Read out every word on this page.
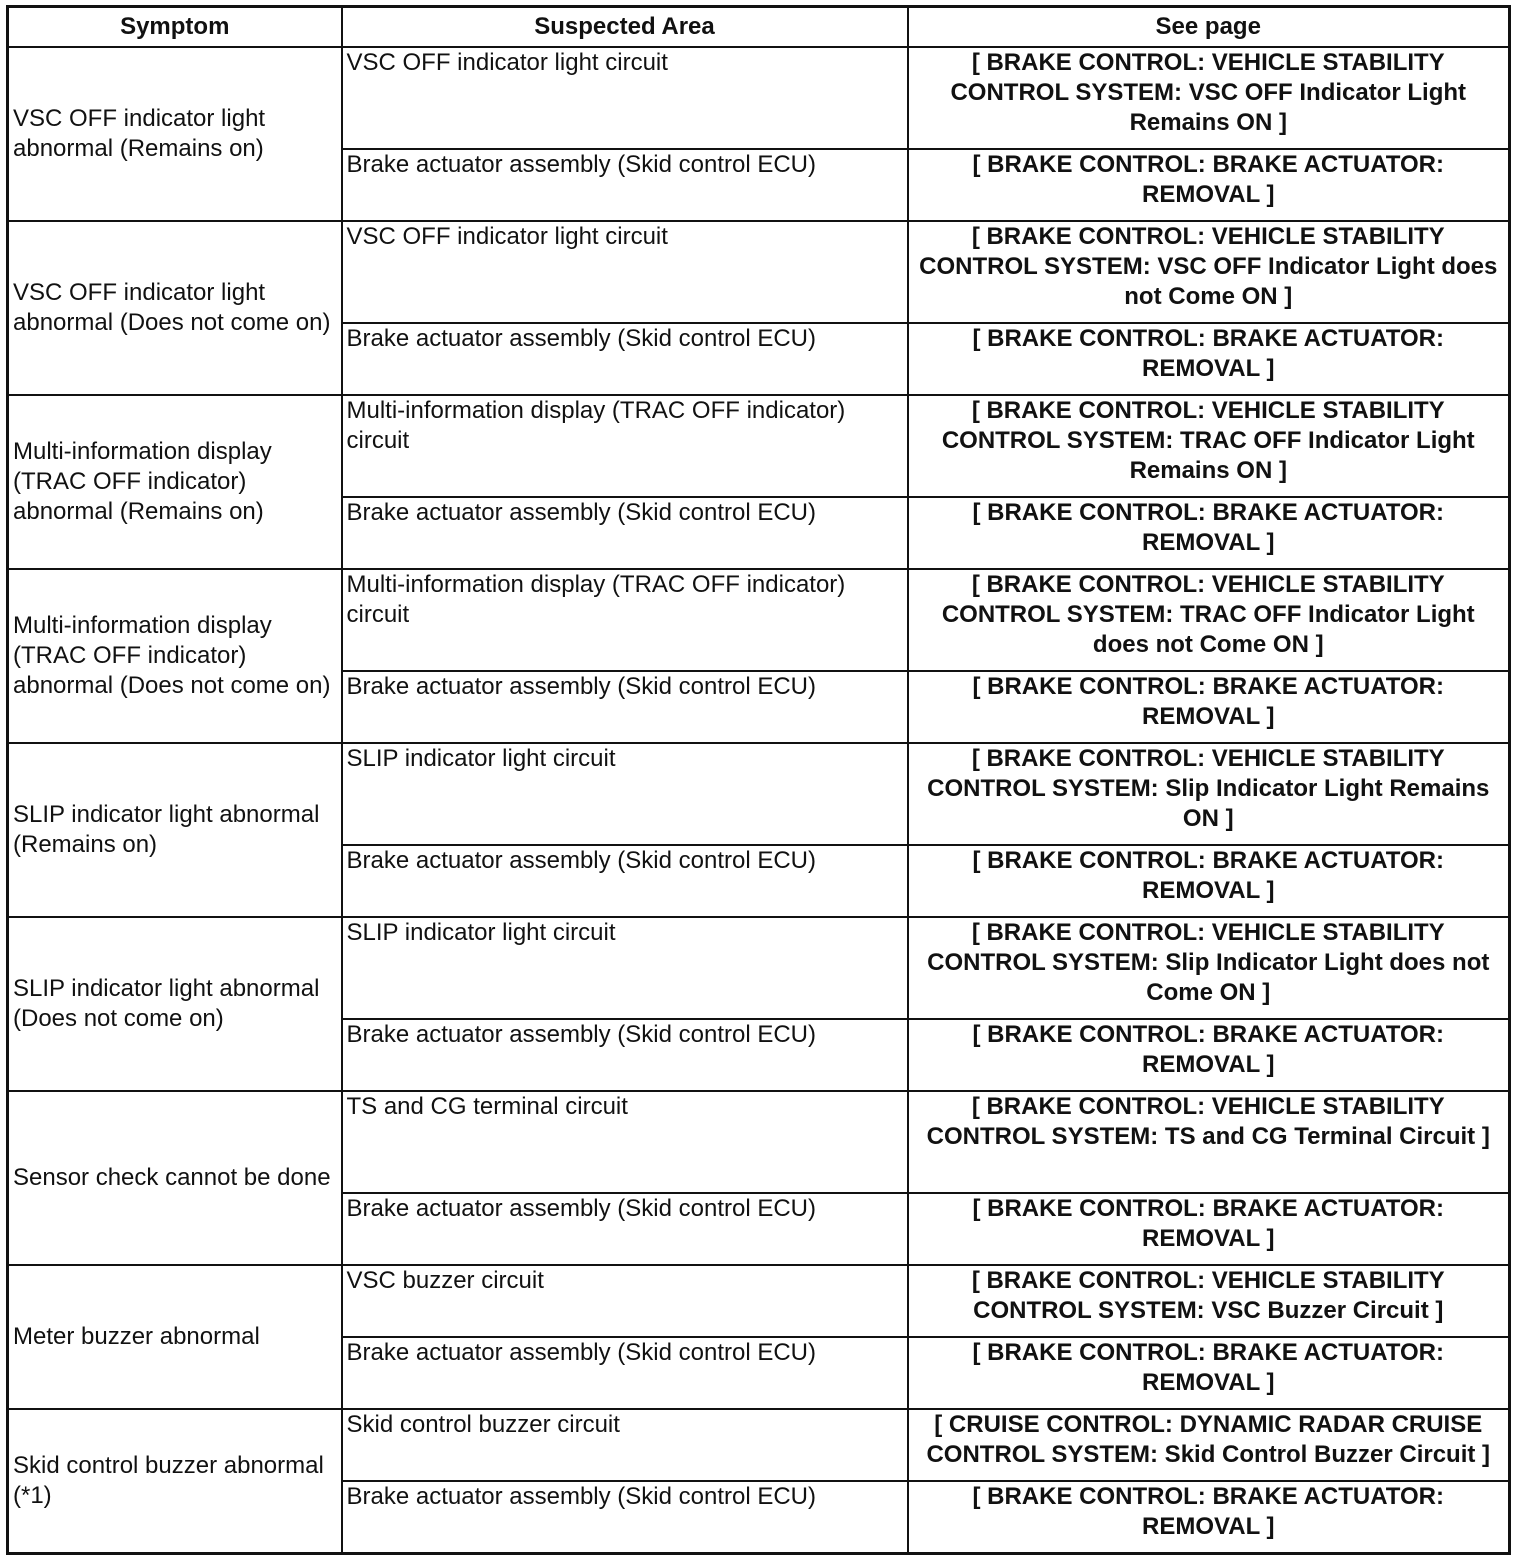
Symptom	Suspected Area	See page
VSC OFF indicator light abnormal (Remains on)	VSC OFF indicator light circuit	[ BRAKE CONTROL: VEHICLE STABILITY CONTROL SYSTEM: VSC OFF Indicator Light Remains ON ]
	Brake actuator assembly (Skid control ECU)	[ BRAKE CONTROL: BRAKE ACTUATOR: REMOVAL ]
VSC OFF indicator light abnormal (Does not come on)	VSC OFF indicator light circuit	[ BRAKE CONTROL: VEHICLE STABILITY CONTROL SYSTEM: VSC OFF Indicator Light does not Come ON ]
	Brake actuator assembly (Skid control ECU)	[ BRAKE CONTROL: BRAKE ACTUATOR: REMOVAL ]
Multi-information display (TRAC OFF indicator) abnormal (Remains on)	Multi-information display (TRAC OFF indicator) circuit	[ BRAKE CONTROL: VEHICLE STABILITY CONTROL SYSTEM: TRAC OFF Indicator Light Remains ON ]
	Brake actuator assembly (Skid control ECU)	[ BRAKE CONTROL: BRAKE ACTUATOR: REMOVAL ]
Multi-information display (TRAC OFF indicator) abnormal (Does not come on)	Multi-information display (TRAC OFF indicator) circuit	[ BRAKE CONTROL: VEHICLE STABILITY CONTROL SYSTEM: TRAC OFF Indicator Light does not Come ON ]
	Brake actuator assembly (Skid control ECU)	[ BRAKE CONTROL: BRAKE ACTUATOR: REMOVAL ]
SLIP indicator light abnormal (Remains on)	SLIP indicator light circuit	[ BRAKE CONTROL: VEHICLE STABILITY CONTROL SYSTEM: Slip Indicator Light Remains ON ]
	Brake actuator assembly (Skid control ECU)	[ BRAKE CONTROL: BRAKE ACTUATOR: REMOVAL ]
SLIP indicator light abnormal (Does not come on)	SLIP indicator light circuit	[ BRAKE CONTROL: VEHICLE STABILITY CONTROL SYSTEM: Slip Indicator Light does not Come ON ]
	Brake actuator assembly (Skid control ECU)	[ BRAKE CONTROL: BRAKE ACTUATOR: REMOVAL ]
Sensor check cannot be done	TS and CG terminal circuit	[ BRAKE CONTROL: VEHICLE STABILITY CONTROL SYSTEM: TS and CG Terminal Circuit ]
	Brake actuator assembly (Skid control ECU)	[ BRAKE CONTROL: BRAKE ACTUATOR: REMOVAL ]
Meter buzzer abnormal	VSC buzzer circuit	[ BRAKE CONTROL: VEHICLE STABILITY CONTROL SYSTEM: VSC Buzzer Circuit ]
	Brake actuator assembly (Skid control ECU)	[ BRAKE CONTROL: BRAKE ACTUATOR: REMOVAL ]
Skid control buzzer abnormal (*1)	Skid control buzzer circuit	[ CRUISE CONTROL: DYNAMIC RADAR CRUISE CONTROL SYSTEM: Skid Control Buzzer Circuit ]
	Brake actuator assembly (Skid control ECU)	[ BRAKE CONTROL: BRAKE ACTUATOR: REMOVAL ]
